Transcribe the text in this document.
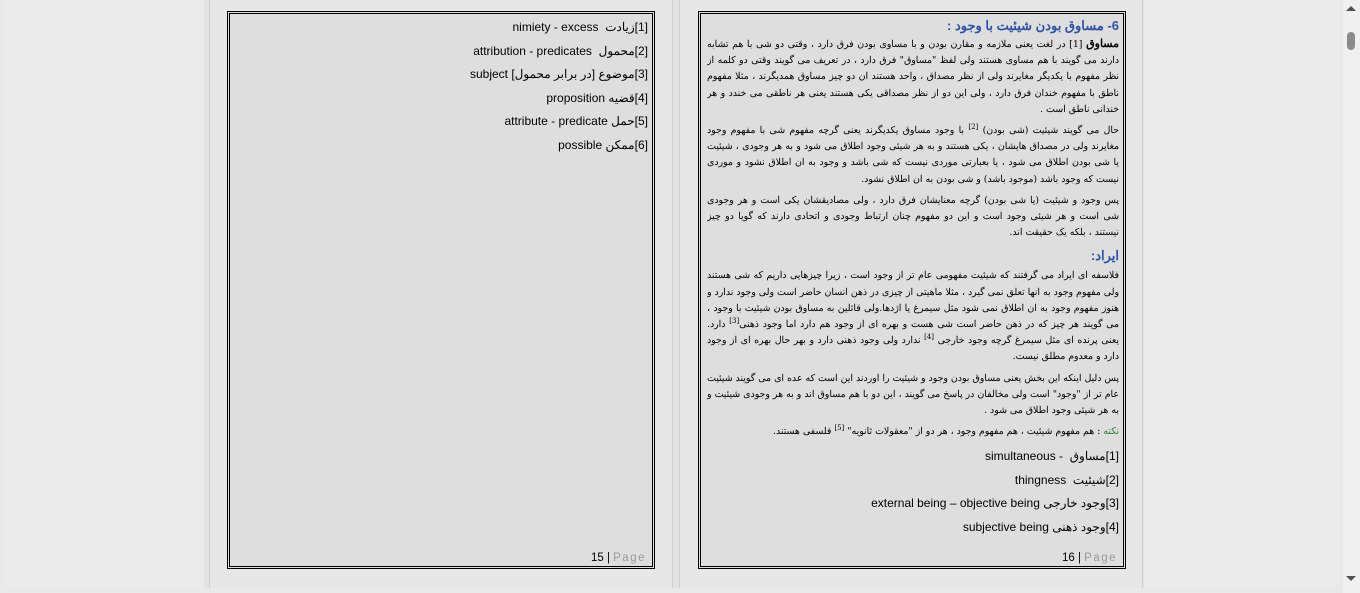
[1]زیادت  nimiety - excess
[2]محمول  attribution - predicates
[3]موضوع [در برابر محمول] subject
[4]قضیه proposition
[5]حمل attribute - predicate
[6]ممکن possible
15 | Page
6- مساوق بودن شیئیت با وجود :

مساوق [1] در لغت یعنی ملازمه و مقارن بودن و با مساوی بودن فرق دارد ، وقتی دو شی با هم تشابه دارند می گویند با هم مساوی هستند ولی لفظ "مساوق" فرق دارد ، در تعریف می گویند وقتی دو کلمه از نظر مفهوم با یکدیگر مغایرند ولی از نظر مصداق ، واحد هستند ان دو چیز مساوق همدیگرند ، مثلا مفهوم ناطق با مفهوم خندان فرق دارد ، ولی این دو از نظر مصداقی یکی هستند یعنی هر ناطقی می خندد و هر خندانی ناطق است .

حال می گویند شیئیت (شی بودن) [2] با وجود مساوق یکدیگرند یعنی گرچه مفهوم شی با مفهوم وجود مغایرند ولی در مصداق هایشان ، یکی هستند و به هر شیئی وجود اطلاق می شود و به هر وجودی ، شیئیت یا شی بودن اطلاق می شود ، یا بعبارتی موردی نیست که شی باشد و وجود به ان اطلاق نشود و موردی نیست که وجود باشد (موجود باشد) و شی بودن به ان اطلاق نشود.

پس وجود و شیئیت (یا شی بودن) گرچه معنایشان فرق دارد ، ولی مصادیقشان یکی است و هر وجودی شی است و هر شیئی وجود است و این دو مفهوم چنان ارتباط وجودی و اتحادی دارند که گویا دو چیز نیستند ، بلکه یک حقیقت اند.

ایراد:

فلاسفه ای ایراد می گرفتند که شیئیت مفهومی عام تر از وجود است ، زیرا چیزهایی داریم که شی هستند ولی مفهوم وجود به انها تعلق نمی گیرد ، مثلا ماهیتی از چیزی در ذهن انسان حاضر است ولی وجود ندارد و هنوز مفهوم وجود به ان اطلاق نمی شود مثل سیمرغ یا اژدها.ولی قائلین به مساوق بودن شیئیت با وجود ، می گویند هر چیز که در ذهن حاضر است شی هست و بهره ای از وجود هم دارد اما وجود ذهنی[3] دارد. یعنی پرنده ای مثل سیمرغ گرچه وجود خارجی [4] ندارد ولی وجود ذهنی دارد و بهر حال بهره ای از وجود دارد و معدوم مطلق نیست.

پس دلیل اینکه این بخش یعنی مساوق بودن وجود و شیئیت را اوردند این است که عده ای می گویند شیئیت عام تر از "وجود" است ولی مخالفان در پاسخ می گویند ، این دو با هم مساوق اند و به هر وجودی شیئیت و به هر شیئی وجود اطلاق می شود .

نکته : هم مفهوم شیئیت ، هم مفهوم وجود ، هر دو از "معقولات ثانویه" [5] فلسفی هستند.

[1]مساوق  simultaneous -
[2]شیئیت  thingness
[3]وجود خارجی external being – objective being
[4]وجود ذهنی subjective being
16 | Page
